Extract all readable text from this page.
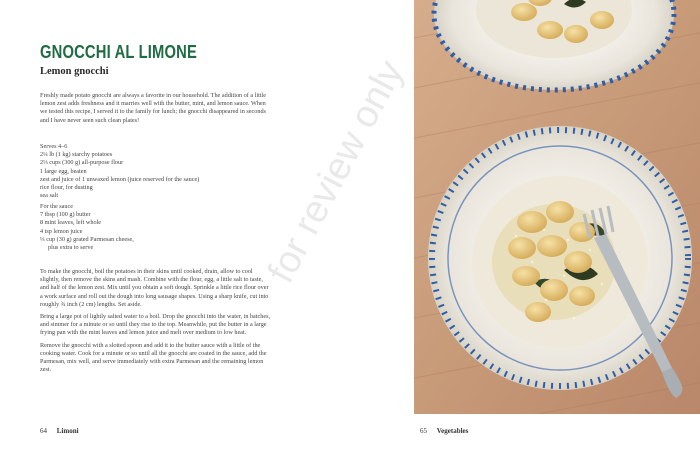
GNOCCHI AL LIMONE
Lemon gnocchi

Freshly made potato gnocchi are always a favorite in our household. The addition of a little lemon zest adds freshness and it marries well with the butter, mint, and lemon sauce. When we tested this recipe, I served it to the family for lunch; the gnocchi disappeared in seconds and I have never seen such clean plates!

Serves 4–6
2¼ lb (1 kg) starchy potatoes
2⅓ cups (300 g) all-purpose flour
1 large egg, beaten
zest and juice of 1 unwaxed lemon (juice reserved for the sauce)
rice flour, for dusting
sea salt
For the sauce
7 tbsp (100 g) butter
8 mint leaves, left whole
4 tsp lemon juice
⅓ cup (30 g) grated Parmesan cheese,
plus extra to serve

To make the gnocchi, boil the potatoes in their skins until cooked, drain, allow to cool slightly, then remove the skins and mash. Combine with the flour, egg, a little salt to taste, and half of the lemon zest. Mix until you obtain a soft dough. Sprinkle a little rice flour over a work surface and roll out the dough into long sausage shapes. Using a sharp knife, cut into roughly ¾ inch (2 cm) lengths. Set aside.

Bring a large pot of lightly salted water to a boil. Drop the gnocchi into the water, in batches, and simmer for a minute or so until they rise to the top. Meanwhile, put the butter in a large frying pan with the mint leaves and lemon juice and melt over medium to low heat.

Remove the gnocchi with a slotted spoon and add it to the butter sauce with a little of the cooking water. Cook for a minute or so until all the gnocchi are coated in the sauce, add the Parmesan, mix well, and serve immediately with extra Parmesan and the remaining lemon zest.

64 Limoni
for review only
65 Vegetables
